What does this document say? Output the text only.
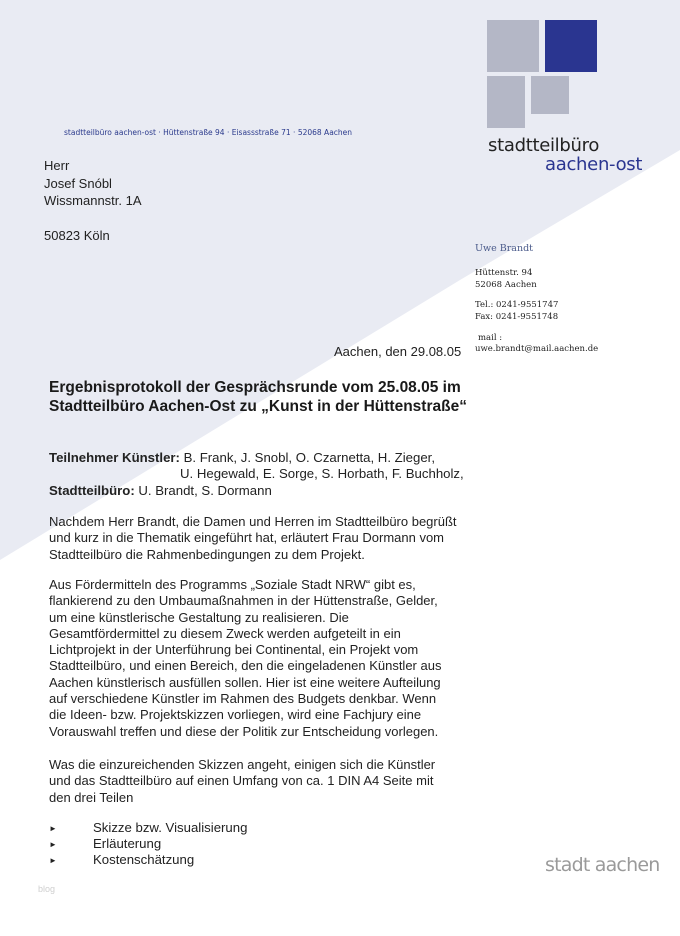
stadtteilbüro
aachen-ost
stadtteilbüro aachen-ost · Hüttenstraße 94 · Eisassstraße 71 · 52068 Aachen
Herr
Josef Snóbl
Wissmannstr. 1A
50823 Köln
Uwe Brandt
Hüttenstr. 94
52068 Aachen
Tel.: 0241-9551747
Fax: 0241-9551748
mail :
uwe.brandt@mail.aachen.de
Aachen, den 29.08.05
Ergebnisprotokoll der Gesprächsrunde vom 25.08.05 im
Stadtteilbüro Aachen-Ost zu „Kunst in der Hüttenstraße“
Teilnehmer Künstler: B. Frank, J. Snobl, O. Czarnetta, H. Zieger,
U. Hegewald, E. Sorge, S. Horbath, F. Buchholz,
Stadtteilbüro: U. Brandt, S. Dormann
Nachdem Herr Brandt, die Damen und Herren im Stadtteilbüro begrüßt
und kurz in die Thematik eingeführt hat, erläutert Frau Dormann vom
Stadtteilbüro die Rahmenbedingungen zu dem Projekt.
Aus Fördermitteln des Programms „Soziale Stadt NRW“ gibt es,
flankierend zu den Umbaumaßnahmen in der Hüttenstraße, Gelder,
um eine künstlerische Gestaltung zu realisieren. Die
Gesamtfördermittel zu diesem Zweck werden aufgeteilt in ein
Lichtprojekt in der Unterführung bei Continental, ein Projekt vom
Stadtteilbüro, und einen Bereich, den die eingeladenen Künstler aus
Aachen künstlerisch ausfüllen sollen. Hier ist eine weitere Aufteilung
auf verschiedene Künstler im Rahmen des Budgets denkbar. Wenn
die Ideen- bzw. Projektskizzen vorliegen, wird eine Fachjury eine
Vorauswahl treffen und diese der Politik zur Entscheidung vorlegen.
Was die einzureichenden Skizzen angeht, einigen sich die Künstler
und das Stadtteilbüro auf einen Umfang von ca. 1 DIN A4 Seite mit
den drei Teilen
►	Skizze bzw. Visualisierung
►	Erläuterung
►	Kostenschätzung	stadt aachen
blog
